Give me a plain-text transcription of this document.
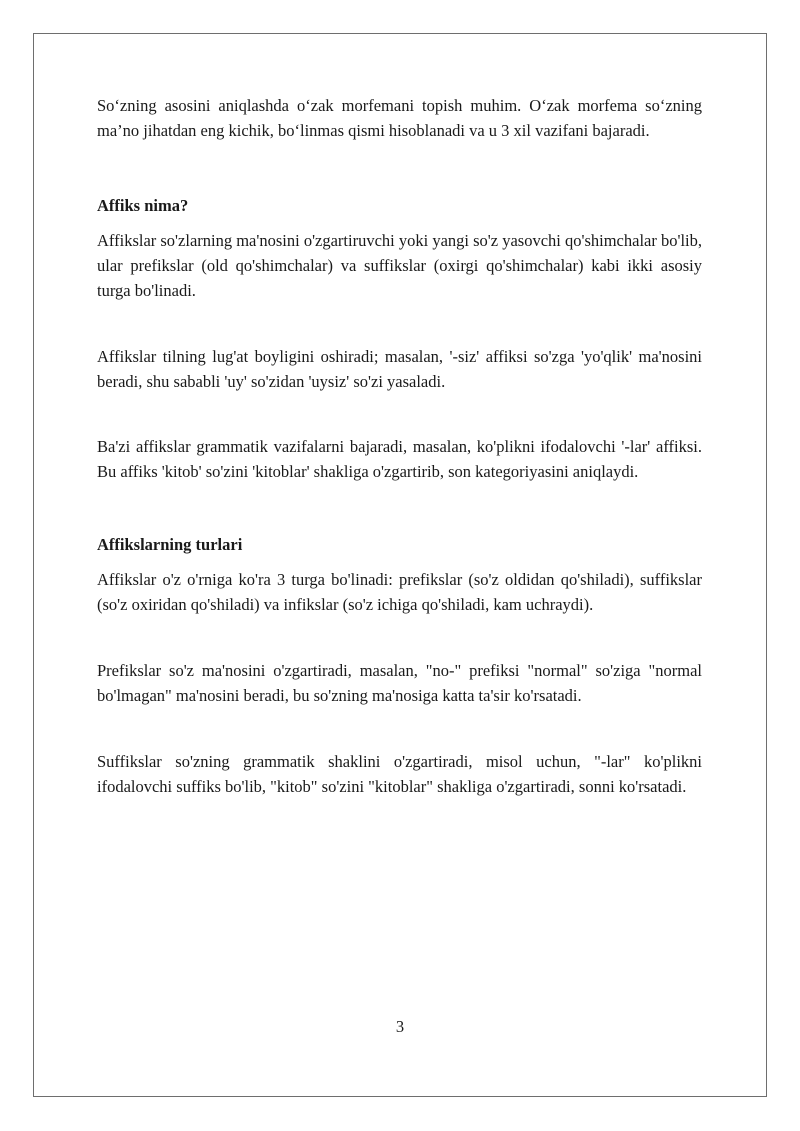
So‘zning asosini aniqlashda o‘zak morfemani topish muhim. O‘zak morfema so‘zning ma’no jihatdan eng kichik, bo‘linmas qismi hisoblanadi va u 3 xil vazifani bajaradi.

Affiks nima?

Affikslar so'zlarning ma'nosini o'zgartiruvchi yoki yangi so'z yasovchi qo'shimchalar bo'lib, ular prefikslar (old qo'shimchalar) va suffikslar (oxirgi qo'shimchalar) kabi ikki asosiy turga bo'linadi.

Affikslar tilning lug'at boyligini oshiradi; masalan, '-siz' affiksi so'zga 'yo'qlik' ma'nosini beradi, shu sababli 'uy' so'zidan 'uysiz' so'zi yasaladi.

Ba'zi affikslar grammatik vazifalarni bajaradi, masalan, ko'plikni ifodalovchi '-lar' affiksi. Bu affiks 'kitob' so'zini 'kitoblar' shakliga o'zgartirib, son kategoriyasini aniqlaydi.

Affikslarning turlari

Affikslar o'z o'rniga ko'ra 3 turga bo'linadi: prefikslar (so'z oldidan qo'shiladi), suffikslar (so'z oxiridan qo'shiladi) va infikslar (so'z ichiga qo'shiladi, kam uchraydi).

Prefikslar so'z ma'nosini o'zgartiradi, masalan, "no-" prefiksi "normal" so'ziga "normal bo'lmagan" ma'nosini beradi, bu so'zning ma'nosiga katta ta'sir ko'rsatadi.

Suffikslar so'zning grammatik shaklini o'zgartiradi, misol uchun, "-lar" ko'plikni ifodalovchi suffiks bo'lib, "kitob" so'zini "kitoblar" shakliga o'zgartiradi, sonni ko'rsatadi.

3
